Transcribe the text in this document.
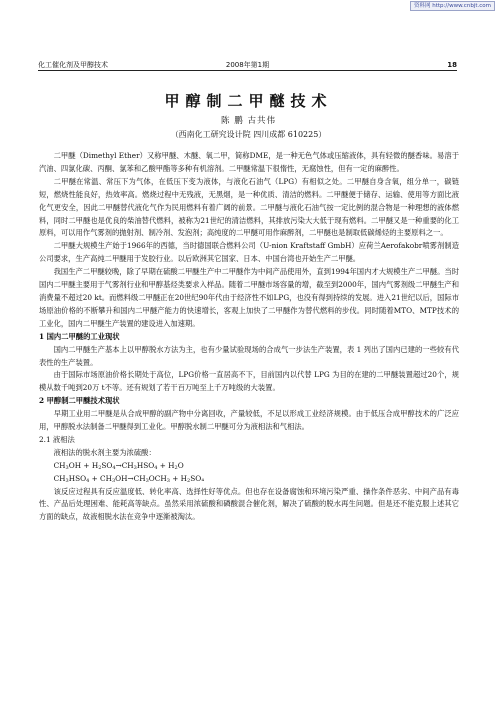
资料网 http://www.cnbjt.com
化工催化剂及甲醇技术	2008年第1期	18
甲醇制二甲醚技术
陈 鹏 古共伟
（西南化工研究设计院 四川成都 610225）

二甲醚（Dimethyl Ether）又称甲醚、木醚、氧二甲，简称DME，是一种无色气体或压缩液体，具有轻微的醚香味。易溶于汽油、四氯化碳、丙酮、氯苯和乙酸甲酯等多种有机溶剂。二甲醚常温下很惰性，无腐蚀性，但有一定的麻醉性。

二甲醚在常温、常压下为气体，在低压下变为液体，与液化石油气（LPG）有相似之处。二甲醚自身含氧，组分单一，碳链短，燃烧性能良好，热效率高。燃烧过程中无残液，无黑烟，是一种优质、清洁的燃料。二甲醚便于储存、运输、使用等方面比液化气更安全，因此二甲醚替代液化气作为民用燃料有着广阔的前景。二甲醚与液化石油气按一定比例的混合物是一种理想的液体燃料，同时二甲醚也是优良的柴油替代燃料，被称为21世纪的清洁燃料，其排放污染大大低于现有燃料。二甲醚又是一种重要的化工原料，可以用作气雾剂的抛射剂、制冷剂、发泡剂；高纯度的二甲醚可用作麻醉剂，二甲醚也是制取低碳烯烃的主要原料之一。

二甲醚大规模生产始于1966年的西德，当时德国联合燃料公司（U-nion Kraftstaff GmbH）应荷兰Aerofakobr喷雾剂制造公司要求，生产高纯二甲醚用于发胶行业。以后欧洲其它国家、日本、中国台湾也开始生产二甲醚。

我国生产二甲醚较晚，除了早期在硫酸二甲醚生产中二甲醚作为中间产品使用外，直到1994年国内才大规模生产二甲醚。当时国内二甲醚主要用于气雾剂行业和甲醇基烃类要求入样品。随着二甲醚市场容量的增，截至到2000年，国内气雾剂级二甲醚生产和消费量不超过20 kt。而燃料级二甲醚正在20世纪90年代由于经济性不如LPG，也没有得到持续的发展。进入21世纪以后，国际市场原油价格的不断攀升和国内二甲醚产能力的快速增长，客观上加快了二甲醚作为替代燃料的步伐。同时随着MTO、MTP技术的工业化，国内二甲醚生产装置的建设进入加速期。

1 国内二甲醚的工业现状

国内二甲醚生产基本上以甲醇脱水方法为主，也有少量试验现场的合成气一步法生产装置，表 1 列出了国内已建的一些较有代表性的生产装置。

由于国际市场原油价格长期处于高位，LPG价格一直居高不下，目前国内以代替 LPG 为目的在建的二甲醚装置超过20个，规模从数千吨到20万 t不等。还有规划了若干百万吨至上千万吨级的大装置。

2 甲醇制二甲醚技术现状

早期工业用二甲醚是从合成甲醇的副产物中分离回收，产量较低，不足以形成工业经济规模。由于低压合成甲醇技术的广泛应用，甲醇脱水法制备二甲醚得到工业化。甲醇脱水制二甲醚可分为液相法和气相法。

2.1 液相法

液相法的脱水剂主要为浓硫酸：

$CH_3OH + H_2SO_4\to CH_3HSO_4 + H_2O$

$CH_3HSO_4 + CH_3OH\to CH_3OCH_3 + H_2SO_4$

该反应过程具有反应温度低、转化率高、选择性好等优点。但也存在设备腐蚀和环境污染严重、操作条件恶劣、中间产品有毒性、产品后处理困难、能耗高等缺点。虽然采用浓硫酸和磷酸混合催化剂，解决了硫酸的脱水再生问题。但是还不能克服上述其它方面的缺点，故液相脱水法在竞争中逐渐被淘汰。
